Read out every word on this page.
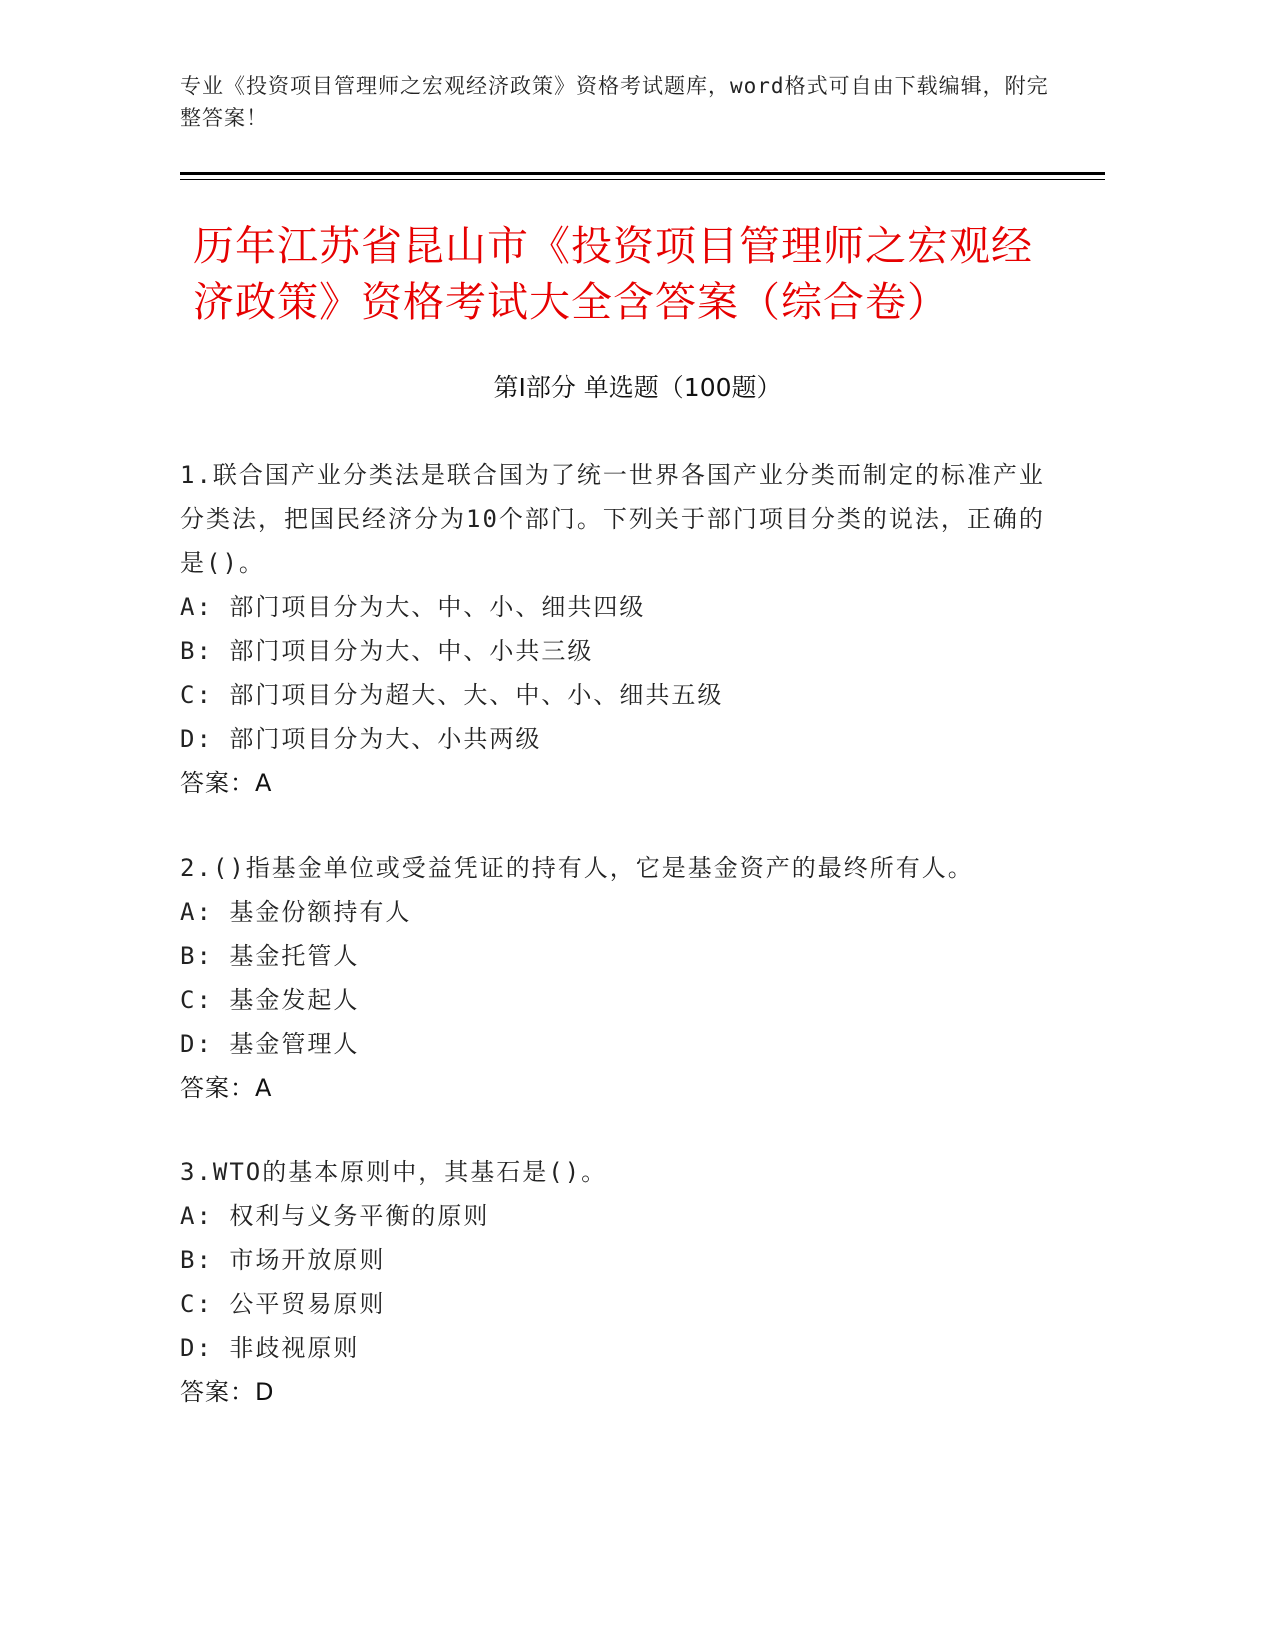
专业《投资项目管理师之宏观经济政策》资格考试题库，word格式可自由下载编辑，附完整答案！
历年江苏省昆山市《投资项目管理师之宏观经济政策》资格考试大全含答案（综合卷）
第Ⅰ部分 单选题（100题）
1.联合国产业分类法是联合国为了统一世界各国产业分类而制定的标准产业分类法，把国民经济分为10个部门。下列关于部门项目分类的说法，正确的是()。
A: 部门项目分为大、中、小、细共四级
B: 部门项目分为大、中、小共三级
C: 部门项目分为超大、大、中、小、细共五级
D: 部门项目分为大、小共两级
答案：A
2.()指基金单位或受益凭证的持有人，它是基金资产的最终所有人。
A: 基金份额持有人
B: 基金托管人
C: 基金发起人
D: 基金管理人
答案：A
3.WTO的基本原则中，其基石是()。
A: 权利与义务平衡的原则
B: 市场开放原则
C: 公平贸易原则
D: 非歧视原则
答案：D
